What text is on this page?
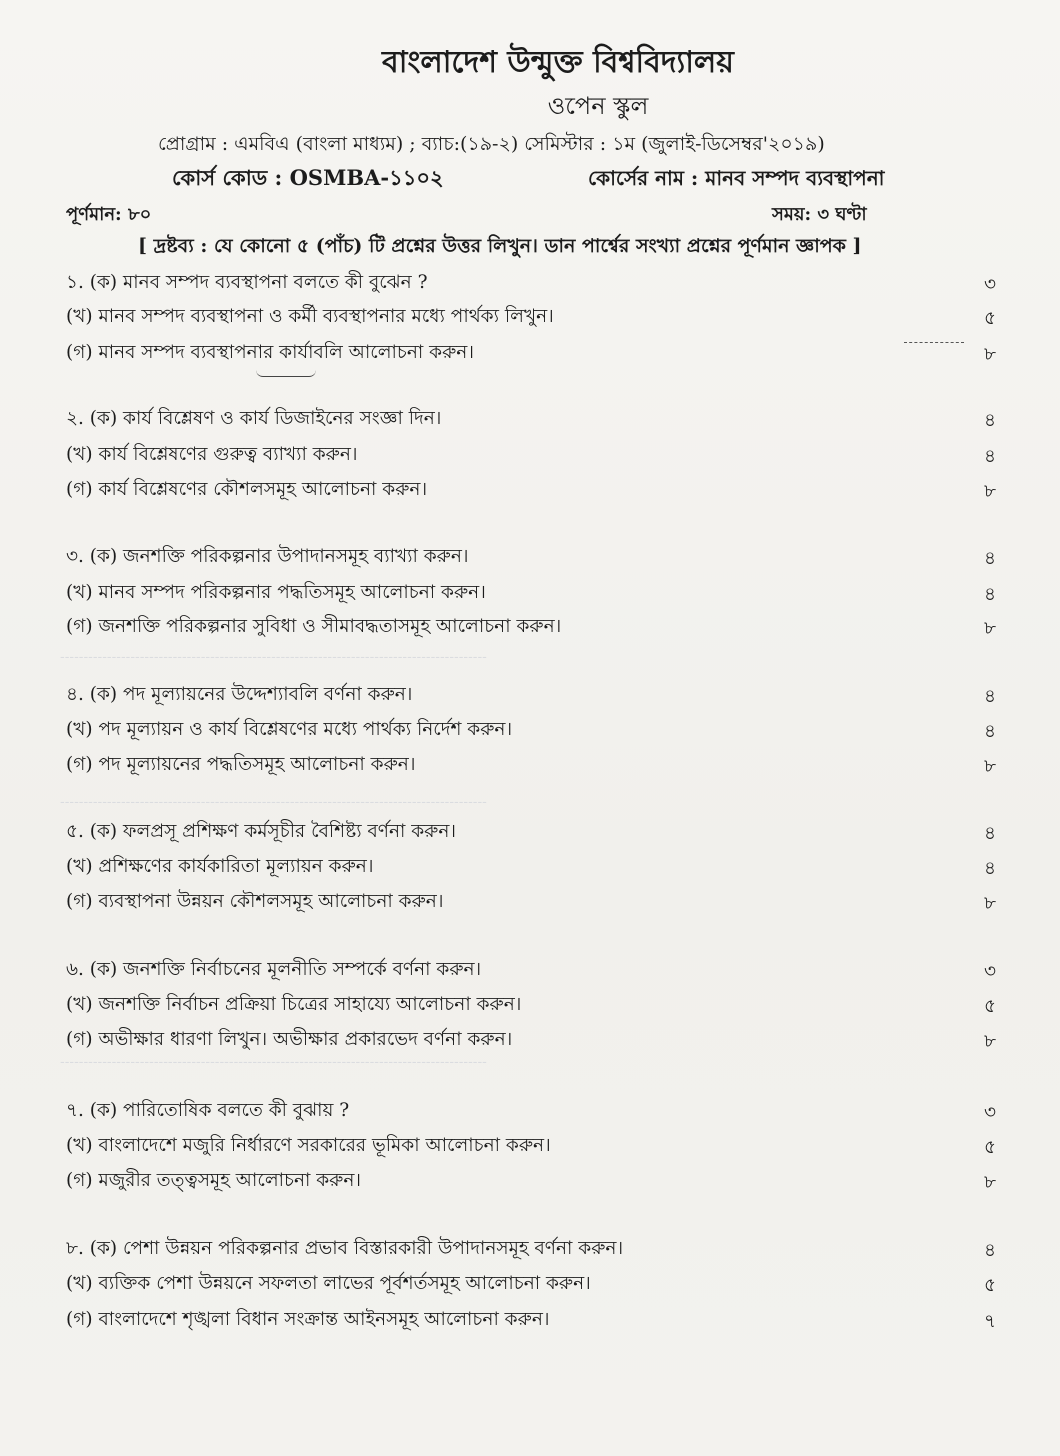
-------------------------------------------------------------------------------------------
-------------------------------------------------------------------------------------------
-------------------------------------------------------------------------------------------
বাংলাদেশ উন্মুক্ত বিশ্ববিদ্যালয়
ওপেন স্কুল
প্রোগ্রাম : এমবিএ (বাংলা মাধ্যম) ; ব্যাচ:(১৯-২) সেমিস্টার : ১ম (জুলাই-ডিসেম্বর'২০১৯)
কোর্স কোড : OSMBA-১১০২	কোর্সের নাম : মানব সম্পদ ব্যবস্থাপনা
পূর্ণমান: ৮০	সময়: ৩ ঘণ্টা
[ দ্রষ্টব্য : যে কোনো ৫ (পাঁচ) টি প্রশ্নের উত্তর লিখুন। ডান পার্শ্বের সংখ্যা প্রশ্নের পূর্ণমান জ্ঞাপক ]
১. (ক) মানব সম্পদ ব্যবস্থাপনা বলতে কী বুঝেন ?	৩
(খ) মানব সম্পদ ব্যবস্থাপনা ও কর্মী ব্যবস্থাপনার মধ্যে পার্থক্য লিখুন।	৫
(গ) মানব সম্পদ ব্যবস্থাপনার কার্যাবলি আলোচনা করুন।	৮
২. (ক) কার্য বিশ্লেষণ ও কার্য ডিজাইনের সংজ্ঞা দিন।	৪
(খ) কার্য বিশ্লেষণের গুরুত্ব ব্যাখ্যা করুন।	৪
(গ) কার্য বিশ্লেষণের কৌশলসমূহ আলোচনা করুন।	৮
৩. (ক) জনশক্তি পরিকল্পনার উপাদানসমূহ ব্যাখ্যা করুন।	৪
(খ) মানব সম্পদ পরিকল্পনার পদ্ধতিসমূহ আলোচনা করুন।	৪
(গ) জনশক্তি পরিকল্পনার সুবিধা ও সীমাবদ্ধতাসমূহ আলোচনা করুন।	৮
৪. (ক) পদ মূল্যায়নের উদ্দেশ্যাবলি বর্ণনা করুন।	৪
(খ) পদ মূল্যায়ন ও কার্য বিশ্লেষণের মধ্যে পার্থক্য নির্দেশ করুন।	৪
(গ) পদ মূল্যায়নের পদ্ধতিসমূহ আলোচনা করুন।	৮
৫. (ক) ফলপ্রসূ প্রশিক্ষণ কর্মসূচীর বৈশিষ্ট্য বর্ণনা করুন।	৪
(খ) প্রশিক্ষণের কার্যকারিতা মূল্যায়ন করুন।	৪
(গ) ব্যবস্থাপনা উন্নয়ন কৌশলসমূহ আলোচনা করুন।	৮
৬. (ক) জনশক্তি নির্বাচনের মূলনীতি সম্পর্কে বর্ণনা করুন।	৩
(খ) জনশক্তি নির্বাচন প্রক্রিয়া চিত্রের সাহায্যে আলোচনা করুন।	৫
(গ) অভীক্ষার ধারণা লিখুন। অভীক্ষার প্রকারভেদ বর্ণনা করুন।	৮
৭. (ক) পারিতোষিক বলতে কী বুঝায় ?	৩
(খ) বাংলাদেশে মজুরি নির্ধারণে সরকারের ভূমিকা আলোচনা করুন।	৫
(গ) মজুরীর তত্ত্বসমূহ আলোচনা করুন।	৮
৮. (ক) পেশা উন্নয়ন পরিকল্পনার প্রভাব বিস্তারকারী উপাদানসমূহ বর্ণনা করুন।	৪
(খ) ব্যক্তিক পেশা উন্নয়নে সফলতা লাভের পূর্বশর্তসমূহ আলোচনা করুন।	৫
(গ) বাংলাদেশে শৃঙ্খলা বিধান সংক্রান্ত আইনসমূহ আলোচনা করুন।	৭
